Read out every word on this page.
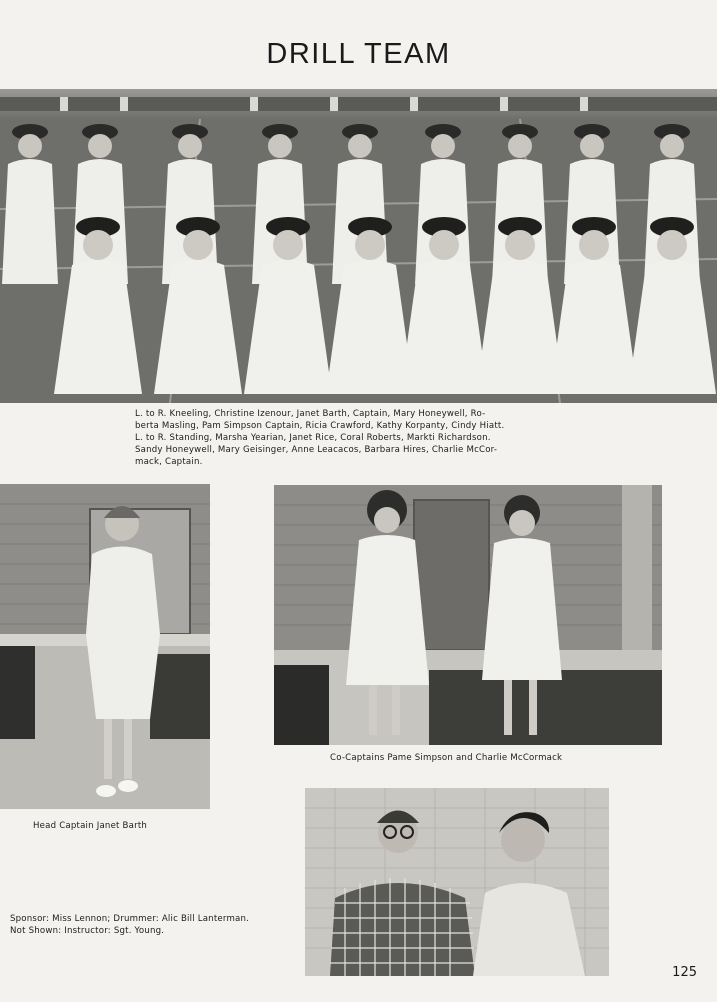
DRILL TEAM

L. to R. Kneeling, Christine Izenour, Janet Barth, Captain, Mary Honeywell, Ro-

berta Masling, Pam Simpson Captain, Ricia Crawford, Kathy Korpanty, Cindy Hiatt.

L. to R. Standing, Marsha Yearian, Janet Rice, Coral Roberts, Markti Richardson.

Sandy Honeywell, Mary Geisinger, Anne Leacacos, Barbara Hires, Charlie McCor-

mack, Captain.

Head Captain Janet Barth
Co-Captains Pame Simpson and Charlie McCormack

Sponsor: Miss Lennon; Drummer: Alic Bill Lanterman.

Not Shown: Instructor: Sgt. Young.

125
